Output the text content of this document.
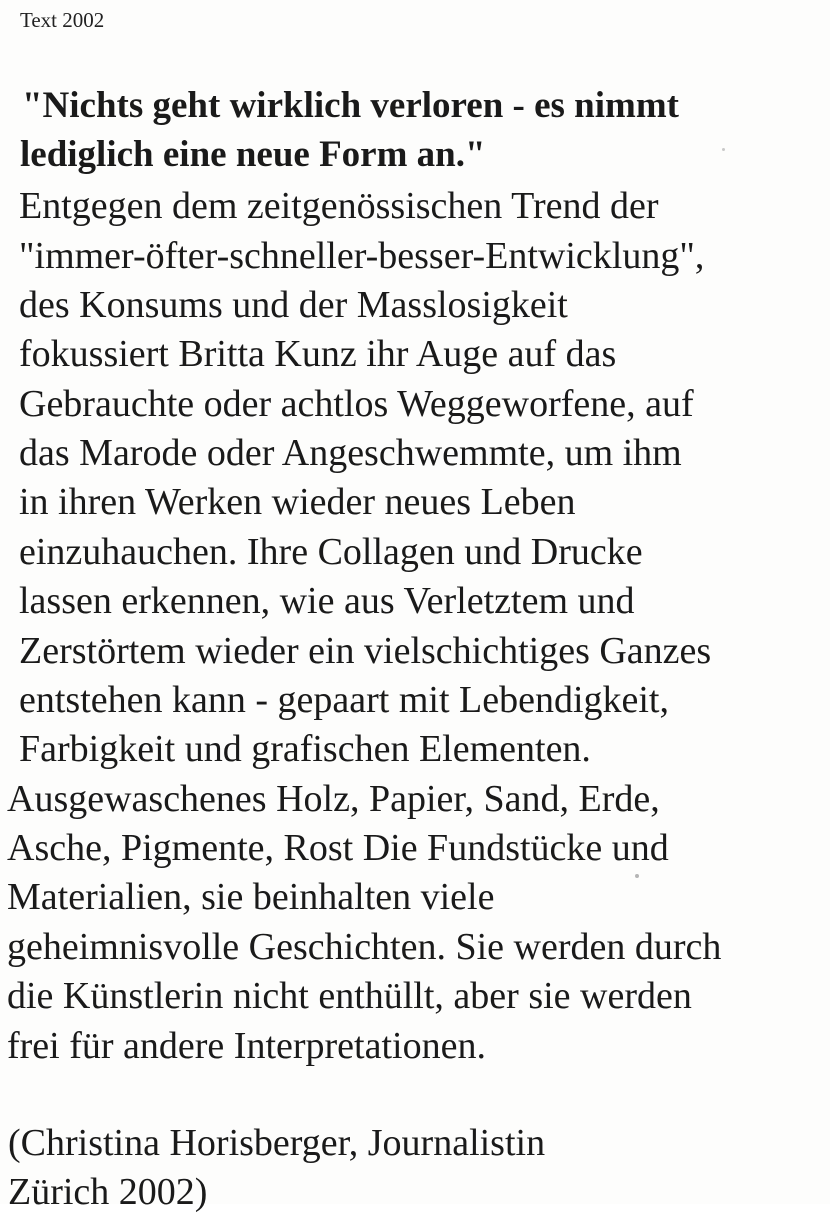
Text 2002
"Nichts geht wirklich verloren - es nimmt
lediglich eine neue Form an."
Entgegen dem zeitgenössischen Trend der
"immer-öfter-schneller-besser-Entwicklung",
des Konsums und der Masslosigkeit
fokussiert Britta Kunz ihr Auge auf das
Gebrauchte oder achtlos Weggeworfene, auf
das Marode oder Angeschwemmte, um ihm
in ihren Werken wieder neues Leben
einzuhauchen. Ihre Collagen und Drucke
lassen erkennen, wie aus Verletztem und
Zerstörtem wieder ein vielschichtiges Ganzes
entstehen kann - gepaart mit Lebendigkeit,
Farbigkeit und grafischen Elementen.
Ausgewaschenes Holz, Papier, Sand, Erde,
Asche, Pigmente, Rost Die Fundstücke und
Materialien, sie beinhalten viele
geheimnisvolle Geschichten. Sie werden durch
die Künstlerin nicht enthüllt, aber sie werden
frei für andere Interpretationen.
(Christina Horisberger, Journalistin
Zürich 2002)
